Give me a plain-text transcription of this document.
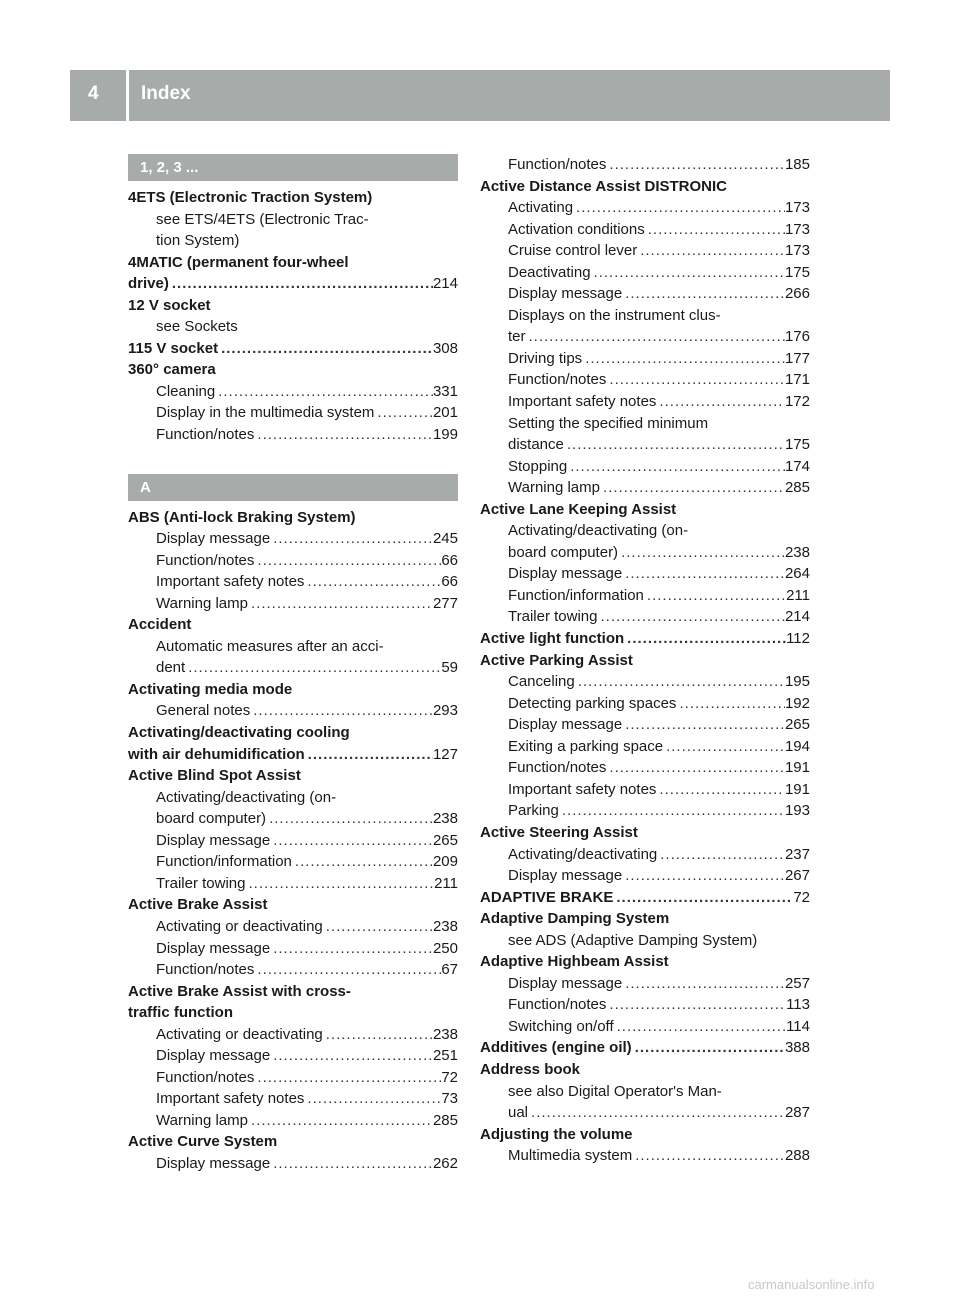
4 Index
1, 2, 3 ...
4ETS (Electronic Traction System)
see ETS/4ETS (Electronic Trac-
tion System)
4MATIC (permanent four-wheel
drive) .....	214
12 V socket
see Sockets
115 V socket .....	308
360° camera
Cleaning .....	331
Display in the multimedia system .....	201
Function/notes .....	199
A
ABS (Anti-lock Braking System)
Display message .....	245
Function/notes .....	66
Important safety notes .....	66
Warning lamp .....	277
Accident
Automatic measures after an acci-
dent .....	59
Activating media mode
General notes .....	293
Activating/deactivating cooling
with air dehumidification .....	127
Active Blind Spot Assist
Activating/deactivating (on-
board computer) .....	238
Display message .....	265
Function/information .....	209
Trailer towing .....	211
Active Brake Assist
Activating or deactivating .....	238
Display message .....	250
Function/notes .....	67
Active Brake Assist with cross-
traffic function
Activating or deactivating .....	238
Display message .....	251
Function/notes .....	72
Important safety notes .....	73
Warning lamp .....	285
Active Curve System
Display message .....	262
Function/notes .....	185
Active Distance Assist DISTRONIC
Activating .....	173
Activation conditions .....	173
Cruise control lever .....	173
Deactivating .....	175
Display message .....	266
Displays on the instrument clus-
ter .....	176
Driving tips .....	177
Function/notes .....	171
Important safety notes .....	172
Setting the specified minimum
distance .....	175
Stopping .....	174
Warning lamp .....	285
Active Lane Keeping Assist
Activating/deactivating (on-
board computer) .....	238
Display message .....	264
Function/information .....	211
Trailer towing .....	214
Active light function .....	112
Active Parking Assist
Canceling .....	195
Detecting parking spaces .....	192
Display message .....	265
Exiting a parking space .....	194
Function/notes .....	191
Important safety notes .....	191
Parking .....	193
Active Steering Assist
Activating/deactivating .....	237
Display message .....	267
ADAPTIVE BRAKE .....	72
Adaptive Damping System
see ADS (Adaptive Damping System)
Adaptive Highbeam Assist
Display message .....	257
Function/notes .....	113
Switching on/off .....	114
Additives (engine oil) .....	388
Address book
see also Digital Operator's Man-
ual .....	287
Adjusting the volume
Multimedia system .....	288
carmanualsonline.info
